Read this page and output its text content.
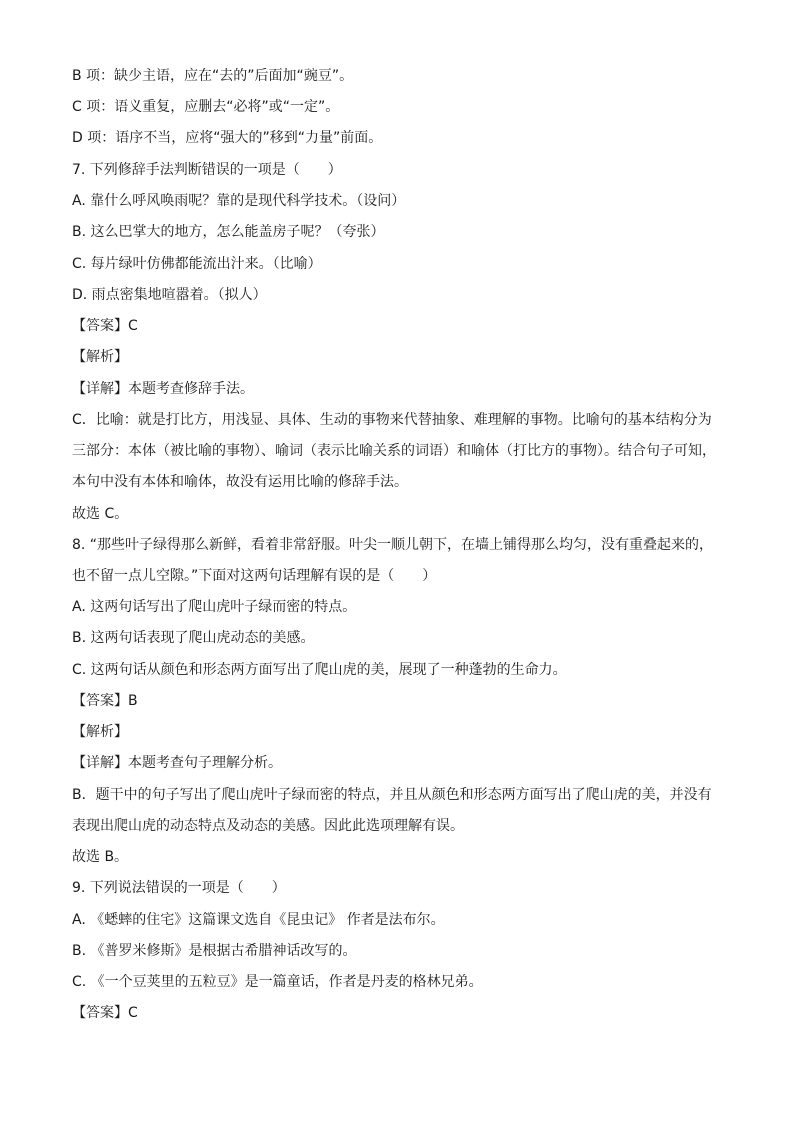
B 项：缺少主语，应在“去的”后面加“豌豆”。
C 项：语义重复，应删去“必将”或“一定”。
D 项：语序不当，应将“强大的”移到“力量”前面。
7. 下列修辞手法判断错误的一项是（　　）
A. 靠什么呼风唤雨呢？靠的是现代科学技术。（设问）
B. 这么巴掌大的地方，怎么能盖房子呢？（夸张）
C. 每片绿叶仿佛都能流出汁来。（比喻）
D. 雨点密集地喧嚣着。（拟人）
【答案】C
【解析】
【详解】本题考查修辞手法。
C．比喻：就是打比方，用浅显、具体、生动的事物来代替抽象、难理解的事物。比喻句的基本结构分为
三部分：本体（被比喻的事物）、喻词（表示比喻关系的词语）和喻体（打比方的事物）。结合句子可知，
本句中没有本体和喻体，故没有运用比喻的修辞手法。
故选 C。
8. “那些叶子绿得那么新鲜，看着非常舒服。叶尖一顺儿朝下，在墙上铺得那么均匀，没有重叠起来的，
也不留一点儿空隙。”下面对这两句话理解有误的是（　　）
A. 这两句话写出了爬山虎叶子绿而密的特点。
B. 这两句话表现了爬山虎动态的美感。
C. 这两句话从颜色和形态两方面写出了爬山虎的美，展现了一种蓬勃的生命力。
【答案】B
【解析】
【详解】本题考查句子理解分析。
B．题干中的句子写出了爬山虎叶子绿而密的特点，并且从颜色和形态两方面写出了爬山虎的美，并没有
表现出爬山虎的动态特点及动态的美感。因此此选项理解有误。
故选 B。
9. 下列说法错误的一项是（　　）
A. 《蟋蟀的住宅》这篇课文选自《昆虫记》 作者是法布尔。
B. 《普罗米修斯》是根据古希腊神话改写的。
C. 《一个豆荚里的五粒豆》是一篇童话，作者是丹麦的格林兄弟。
【答案】C
